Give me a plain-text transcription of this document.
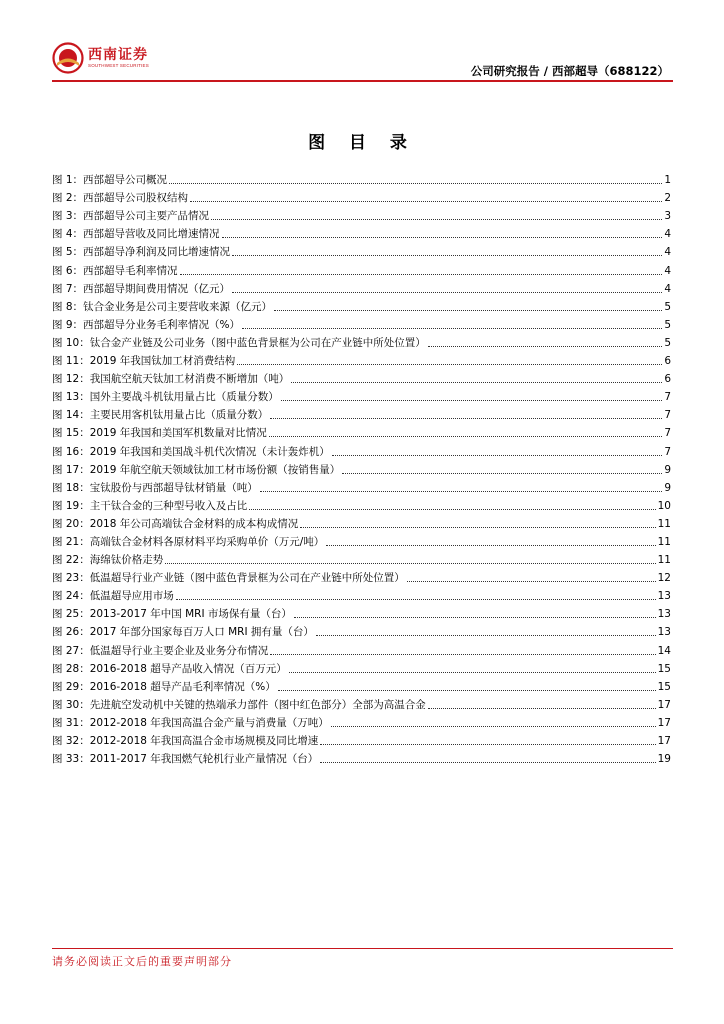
西南证券
SOUTHWEST SECURITIES	公司研究报告 / 西部超导（688122）
图 目 录
图 1：西部超导公司概况	1
图 2：西部超导公司股权结构	2
图 3：西部超导公司主要产品情况	3
图 4：西部超导营收及同比增速情况	4
图 5：西部超导净利润及同比增速情况	4
图 6：西部超导毛利率情况	4
图 7：西部超导期间费用情况（亿元）	4
图 8：钛合金业务是公司主要营收来源（亿元）	5
图 9：西部超导分业务毛利率情况（%）	5
图 10：钛合金产业链及公司业务（图中蓝色背景框为公司在产业链中所处位置）	5
图 11：2019 年我国钛加工材消费结构	6
图 12：我国航空航天钛加工材消费不断增加（吨）	6
图 13：国外主要战斗机钛用量占比（质量分数）	7
图 14：主要民用客机钛用量占比（质量分数）	7
图 15：2019 年我国和美国军机数量对比情况	7
图 16：2019 年我国和美国战斗机代次情况（未计轰炸机）	7
图 17：2019 年航空航天领域钛加工材市场份额（按销售量）	9
图 18：宝钛股份与西部超导钛材销量（吨）	9
图 19：主干钛合金的三种型号收入及占比	10
图 20：2018 年公司高端钛合金材料的成本构成情况	11
图 21：高端钛合金材料各原材料平均采购单价（万元/吨）	11
图 22：海绵钛价格走势	11
图 23：低温超导行业产业链（图中蓝色背景框为公司在产业链中所处位置）	12
图 24：低温超导应用市场	13
图 25：2013-2017 年中国 MRI 市场保有量（台）	13
图 26：2017 年部分国家每百万人口 MRI 拥有量（台）	13
图 27：低温超导行业主要企业及业务分布情况	14
图 28：2016-2018 超导产品收入情况（百万元）	15
图 29：2016-2018 超导产品毛利率情况（%）	15
图 30：先进航空发动机中关键的热端承力部件（图中红色部分）全部为高温合金	17
图 31：2012-2018 年我国高温合金产量与消费量（万吨）	17
图 32：2012-2018 年我国高温合金市场规模及同比增速	17
图 33：2011-2017 年我国燃气轮机行业产量情况（台）	19
请务必阅读正文后的重要声明部分
